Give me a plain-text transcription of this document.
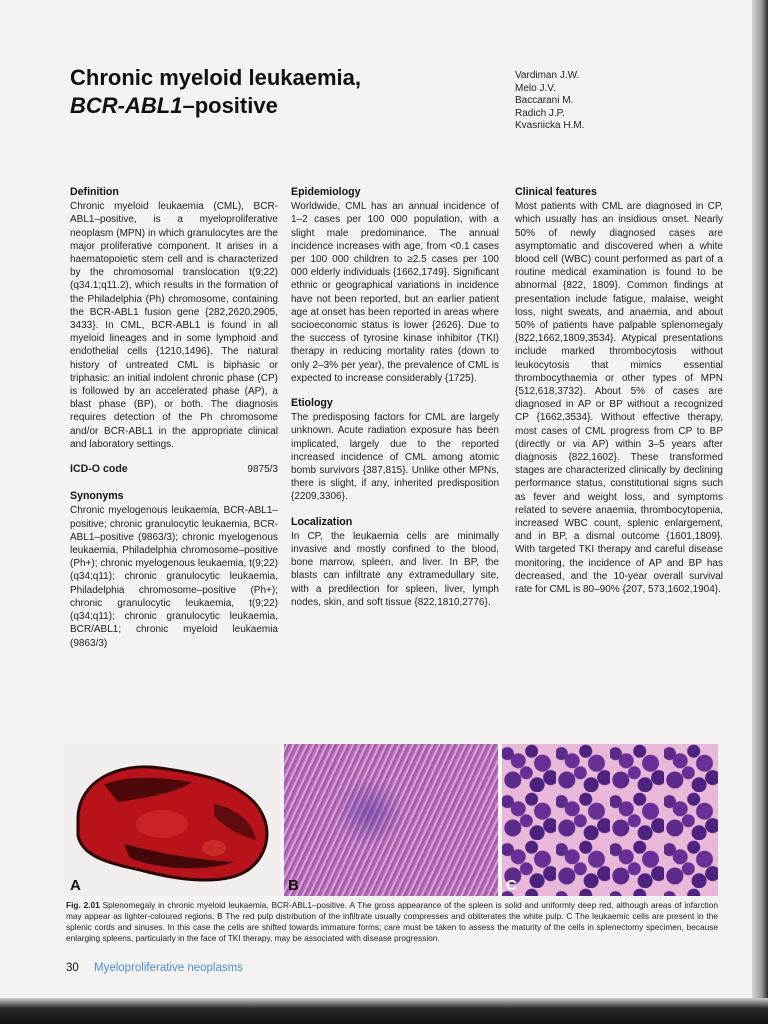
Chronic myeloid leukaemia,
BCR-ABL1–positive
Vardiman J.W.
Melo J.V.
Baccarani M.
Radich J.P.
Kvasnicka H.M.
Definition

Chronic myeloid leukaemia (CML), BCR-ABL1–positive, is a myeloproliferative neoplasm (MPN) in which granulocytes are the major proliferative component. It arises in a haematopoietic stem cell and is characterized by the chromosomal translocation t(9;22)(q34.1;q11.2), which results in the formation of the Philadelphia (Ph) chromosome, containing the BCR-ABL1 fusion gene {282,2620,2905, 3433}. In CML, BCR-ABL1 is found in all myeloid lineages and in some lymphoid and endothelial cells {1210,1496}. The natural history of untreated CML is biphasic or triphasic: an initial indolent chronic phase (CP) is followed by an accelerated phase (AP), a blast phase (BP), or both. The diagnosis requires detection of the Ph chromosome and/or BCR-ABL1 in the appropriate clinical and laboratory settings.

ICD-O code	9875/3
Synonyms

Chronic myelogenous leukaemia, BCR-ABL1–positive; chronic granulocytic leukaemia, BCR-ABL1–positive (9863/3); chronic myelogenous leukaemia, Philadelphia chromosome–positive (Ph+); chronic myelogenous leukaemia, t(9;22)(q34;q11); chronic granulocytic leukaemia, Philadelphia chromosome–positive (Ph+); chronic granulocytic leukaemia, t(9;22)(q34;q11); chronic granulocytic leukaemia, BCR/ABL1; chronic myeloid leukaemia (9863/3)

Epidemiology

Worldwide, CML has an annual incidence of 1–2 cases per 100 000 population, with a slight male predominance. The annual incidence increases with age, from <0.1 cases per 100 000 children to ≥2.5 cases per 100 000 elderly individuals {1662,1749}. Significant ethnic or geographical variations in incidence have not been reported, but an earlier patient age at onset has been reported in areas where socioeconomic status is lower {2626}. Due to the success of tyrosine kinase inhibitor (TKI) therapy in reducing mortality rates (down to only 2–3% per year), the prevalence of CML is expected to increase considerably {1725}.

Etiology

The predisposing factors for CML are largely unknown. Acute radiation exposure has been implicated, largely due to the reported increased incidence of CML among atomic bomb survivors {387,815}. Unlike other MPNs, there is slight, if any, inherited predisposition {2209,3306}.

Localization

In CP, the leukaemia cells are minimally invasive and mostly confined to the blood, bone marrow, spleen, and liver. In BP, the blasts can infiltrate any extramedullary site, with a predilection for spleen, liver, lymph nodes, skin, and soft tissue {822,1810,2776}.

Clinical features

Most patients with CML are diagnosed in CP, which usually has an insidious onset. Nearly 50% of newly diagnosed cases are asymptomatic and discovered when a white blood cell (WBC) count performed as part of a routine medical examination is found to be abnormal {822, 1809}. Common findings at presentation include fatigue, malaise, weight loss, night sweats, and anaemia, and about 50% of patients have palpable splenomegaly {822,1662,1809,3534}. Atypical presentations include marked thrombocytosis without leukocytosis that mimics essential thrombocythaemia or other types of MPN {512,618,3732}. About 5% of cases are diagnosed in AP or BP without a recognized CP {1662,3534}. Without effective therapy, most cases of CML progress from CP to BP (directly or via AP) within 3–5 years after diagnosis {822,1602}. These transformed stages are characterized clinically by declining performance status, constitutional signs such as fever and weight loss, and symptoms related to severe anaemia, thrombocytopenia, increased WBC count, splenic enlargement, and in BP, a dismal outcome {1601,1809}. With targeted TKI therapy and careful disease monitoring, the incidence of AP and BP has decreased, and the 10-year overall survival rate for CML is 80–90% {207, 573,1602,1904}.

A	B	C
Fig. 2.01 Splenomegaly in chronic myeloid leukaemia, BCR-ABL1–positive. A The gross appearance of the spleen is solid and uniformly deep red, although areas of infarction may appear as lighter-coloured regions. B The red pulp distribution of the infiltrate usually compresses and obliterates the white pulp. C The leukaemic cells are present in the splenic cords and sinuses. In this case the cells are shifted towards immature forms; care must be taken to assess the maturity of the cells in splenectomy specimen, because enlarging spleens, particularly in the face of TKI therapy, may be associated with disease progression.
30 Myeloproliferative neoplasms
